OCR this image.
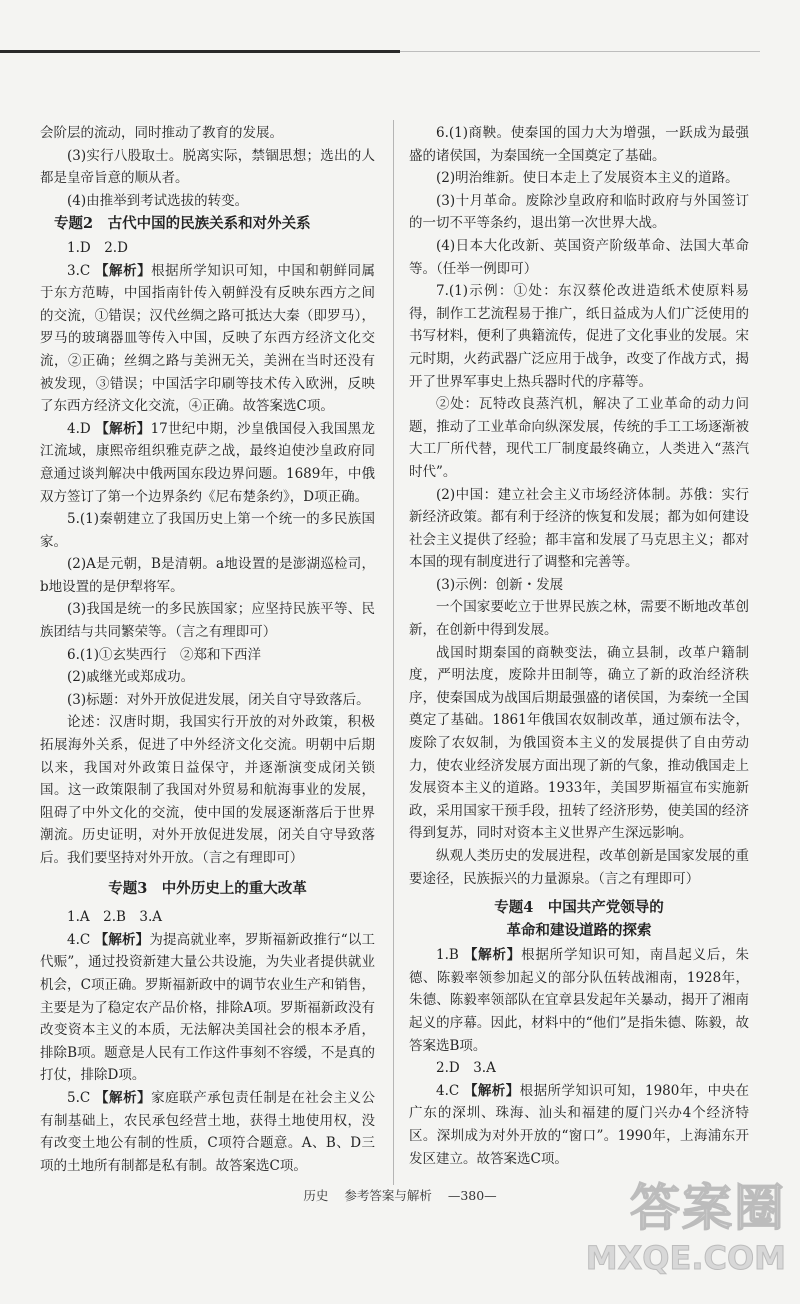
会阶层的流动，同时推动了教育的发展。

(3)实行八股取士。脱离实际，禁锢思想；选出的人都是皇帝旨意的顺从者。

(4)由推举到考试选拔的转变。

专题2　古代中国的民族关系和对外关系

1.D　2.D

3.C 【解析】根据所学知识可知，中国和朝鲜同属于东方范畴，中国指南针传入朝鲜没有反映东西方之间的交流，①错误；汉代丝绸之路可抵达大秦（即罗马），罗马的玻璃器皿等传入中国，反映了东西方经济文化交流，②正确；丝绸之路与美洲无关，美洲在当时还没有被发现，③错误；中国活字印刷等技术传入欧洲，反映了东西方经济文化交流，④正确。故答案选C项。

4.D 【解析】17世纪中期，沙皇俄国侵入我国黑龙江流域，康熙帝组织雅克萨之战，最终迫使沙皇政府同意通过谈判解决中俄两国东段边界问题。1689年，中俄双方签订了第一个边界条约《尼布楚条约》，D项正确。

5.(1)秦朝建立了我国历史上第一个统一的多民族国家。

(2)A是元朝，B是清朝。a地设置的是澎湖巡检司，b地设置的是伊犁将军。

(3)我国是统一的多民族国家；应坚持民族平等、民族团结与共同繁荣等。（言之有理即可）

6.(1)①玄奘西行　②郑和下西洋

(2)戚继光或郑成功。

(3)标题：对外开放促进发展，闭关自守导致落后。

论述：汉唐时期，我国实行开放的对外政策，积极拓展海外关系，促进了中外经济文化交流。明朝中后期以来，我国对外政策日益保守，并逐渐演变成闭关锁国。这一政策限制了我国对外贸易和航海事业的发展，阻碍了中外文化的交流，使中国的发展逐渐落后于世界潮流。历史证明，对外开放促进发展，闭关自守导致落后。我们要坚持对外开放。（言之有理即可）

专题3　中外历史上的重大改革

1.A　2.B　3.A

4.C 【解析】为提高就业率，罗斯福新政推行“以工代赈”，通过投资新建大量公共设施，为失业者提供就业机会，C项正确。罗斯福新政中的调节农业生产和销售，主要是为了稳定农产品价格，排除A项。罗斯福新政没有改变资本主义的本质，无法解决美国社会的根本矛盾，排除B项。题意是人民有工作这件事刻不容缓，不是真的打仗，排除D项。

5.C 【解析】家庭联产承包责任制是在社会主义公有制基础上，农民承包经营土地，获得土地使用权，没有改变土地公有制的性质，C项符合题意。A、B、D三项的土地所有制都是私有制。故答案选C项。

6.(1)商鞅。使秦国的国力大为增强，一跃成为最强盛的诸侯国，为秦国统一全国奠定了基础。

(2)明治维新。使日本走上了发展资本主义的道路。

(3)十月革命。废除沙皇政府和临时政府与外国签订的一切不平等条约，退出第一次世界大战。

(4)日本大化改新、英国资产阶级革命、法国大革命等。（任举一例即可）

7.(1)示例：①处：东汉蔡伦改进造纸术使原料易得，制作工艺流程易于推广，纸日益成为人们广泛使用的书写材料，便利了典籍流传，促进了文化事业的发展。宋元时期，火药武器广泛应用于战争，改变了作战方式，揭开了世界军事史上热兵器时代的序幕等。

②处：瓦特改良蒸汽机，解决了工业革命的动力问题，推动了工业革命向纵深发展，传统的手工工场逐渐被大工厂所代替，现代工厂制度最终确立，人类进入“蒸汽时代”。

(2)中国：建立社会主义市场经济体制。苏俄：实行新经济政策。都有利于经济的恢复和发展；都为如何建设社会主义提供了经验；都丰富和发展了马克思主义；都对本国的现有制度进行了调整和完善等。

(3)示例：创新・发展

一个国家要屹立于世界民族之林，需要不断地改革创新，在创新中得到发展。

战国时期秦国的商鞅变法，确立县制，改革户籍制度，严明法度，废除井田制等，确立了新的政治经济秩序，使秦国成为战国后期最强盛的诸侯国，为秦统一全国奠定了基础。1861年俄国农奴制改革，通过颁布法令，废除了农奴制，为俄国资本主义的发展提供了自由劳动力，使农业经济发展方面出现了新的气象，推动俄国走上发展资本主义的道路。1933年，美国罗斯福宣布实施新政，采用国家干预手段，扭转了经济形势，使美国的经济得到复苏，同时对资本主义世界产生深远影响。

纵观人类历史的发展进程，改革创新是国家发展的重要途径，民族振兴的力量源泉。（言之有理即可）

专题4　中国共产党领导的
革命和建设道路的探索

1.B 【解析】根据所学知识可知，南昌起义后，朱德、陈毅率领参加起义的部分队伍转战湘南，1928年，朱德、陈毅率领部队在宜章县发起年关暴动，揭开了湘南起义的序幕。因此，材料中的“他们”是指朱德、陈毅，故答案选B项。

2.D　3.A

4.C 【解析】根据所学知识可知，1980年，中央在广东的深圳、珠海、汕头和福建的厦门兴办4个经济特区。深圳成为对外开放的“窗口”。1990年，上海浦东开发区建立。故答案选C项。

历史 参考答案与解析 —380—	答案圈
MXQE.COM
